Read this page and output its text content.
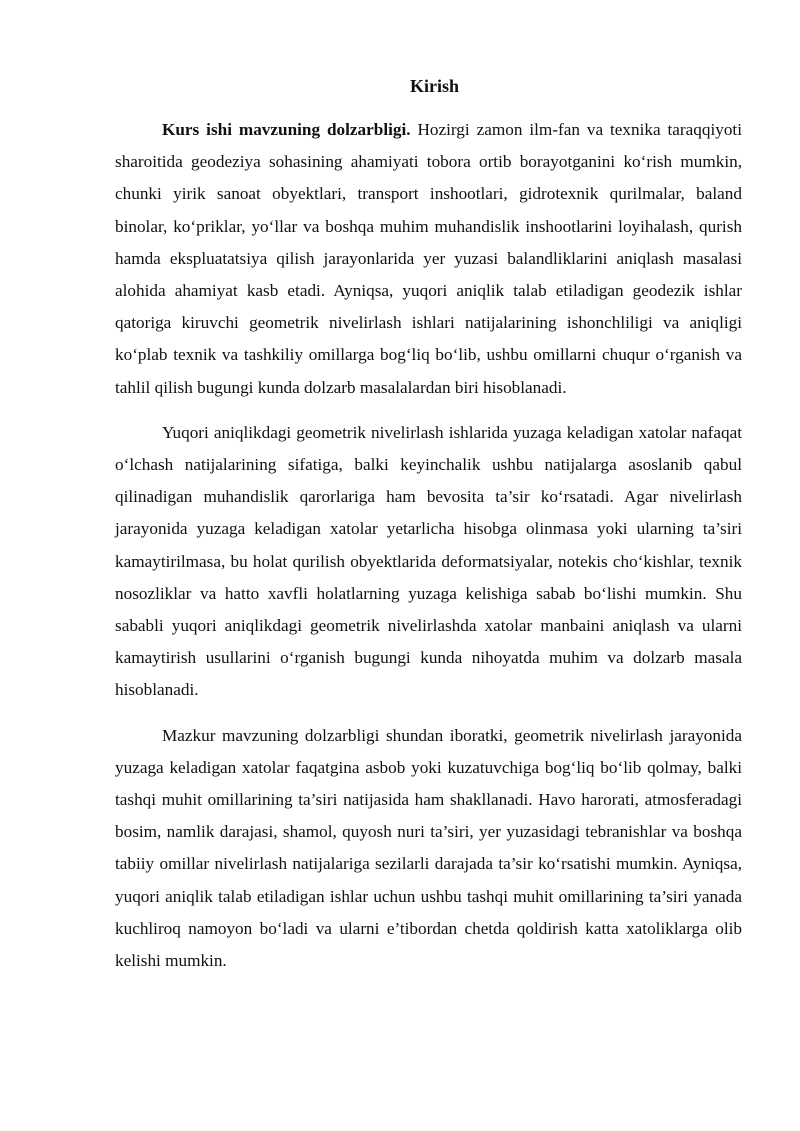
Kirish

Kurs ishi mavzuning dolzarbligi. Hozirgi zamon ilm-fan va texnika taraqqiyoti sharoitida geodeziya sohasining ahamiyati tobora ortib borayotganini ko‘rish mumkin, chunki yirik sanoat obyektlari, transport inshootlari, gidrotexnik qurilmalar, baland binolar, ko‘priklar, yo‘llar va boshqa muhim muhandislik inshootlarini loyihalash, qurish hamda ekspluatatsiya qilish jarayonlarida yer yuzasi balandliklarini aniqlash masalasi alohida ahamiyat kasb etadi. Ayniqsa, yuqori aniqlik talab etiladigan geodezik ishlar qatoriga kiruvchi geometrik nivelirlash ishlari natijalarining ishonchliligi va aniqligi ko‘plab texnik va tashkiliy omillarga bog‘liq bo‘lib, ushbu omillarni chuqur o‘rganish va tahlil qilish bugungi kunda dolzarb masalalardan biri hisoblanadi.

Yuqori aniqlikdagi geometrik nivelirlash ishlarida yuzaga keladigan xatolar nafaqat o‘lchash natijalarining sifatiga, balki keyinchalik ushbu natijalarga asoslanib qabul qilinadigan muhandislik qarorlariga ham bevosita ta’sir ko‘rsatadi. Agar nivelirlash jarayonida yuzaga keladigan xatolar yetarlicha hisobga olinmasa yoki ularning ta’siri kamaytirilmasa, bu holat qurilish obyektlarida deformatsiyalar, notekis cho‘kishlar, texnik nosozliklar va hatto xavfli holatlarning yuzaga kelishiga sabab bo‘lishi mumkin. Shu sababli yuqori aniqlikdagi geometrik nivelirlashda xatolar manbaini aniqlash va ularni kamaytirish usullarini o‘rganish bugungi kunda nihoyatda muhim va dolzarb masala hisoblanadi.

Mazkur mavzuning dolzarbligi shundan iboratki, geometrik nivelirlash jarayonida yuzaga keladigan xatolar faqatgina asbob yoki kuzatuvchiga bog‘liq bo‘lib qolmay, balki tashqi muhit omillarining ta’siri natijasida ham shakllanadi. Havo harorati, atmosferadagi bosim, namlik darajasi, shamol, quyosh nuri ta’siri, yer yuzasidagi tebranishlar va boshqa tabiiy omillar nivelirlash natijalariga sezilarli darajada ta’sir ko‘rsatishi mumkin. Ayniqsa, yuqori aniqlik talab etiladigan ishlar uchun ushbu tashqi muhit omillarining ta’siri yanada kuchliroq namoyon bo‘ladi va ularni e’tibordan chetda qoldirish katta xatoliklarga olib kelishi mumkin.
